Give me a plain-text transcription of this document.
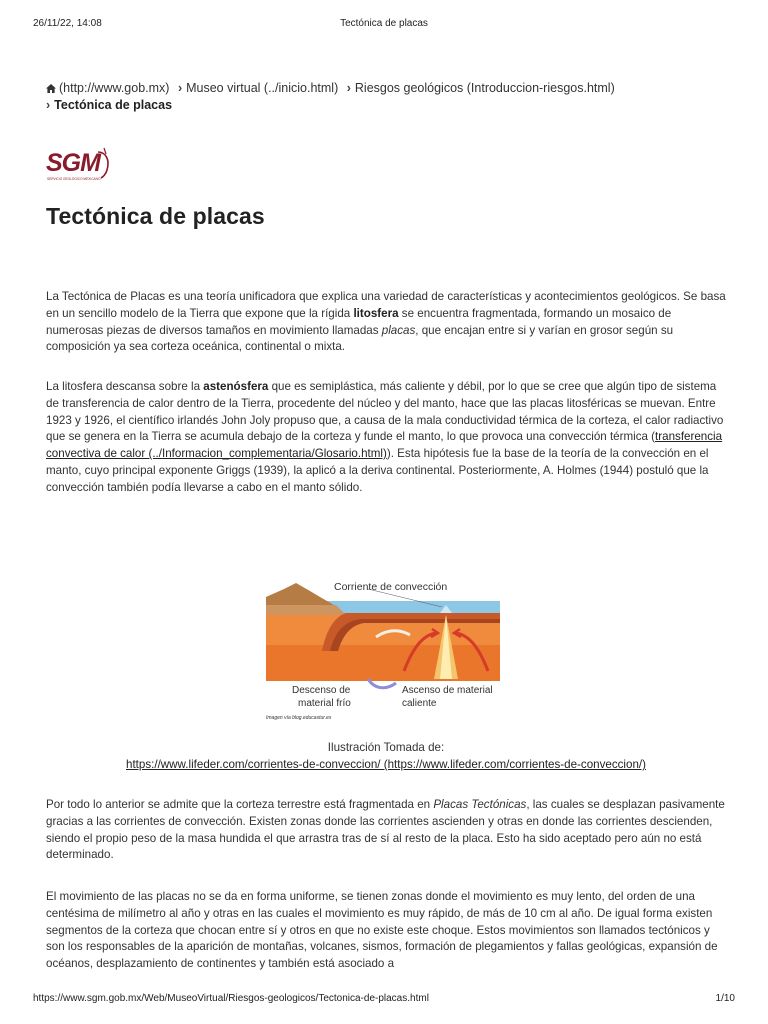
26/11/22, 14:08	Tectónica de placas
(http://www.gob.mx) › Museo virtual (../inicio.html) › Riesgos geológicos (Introduccion-riesgos.html)
› Tectónica de placas
SGM
SERVICIO GEOLÓGICO MEXICANO
Tectónica de placas

La Tectónica de Placas es una teoría unificadora que explica una variedad de características y acontecimientos geológicos. Se basa en un sencillo modelo de la Tierra que expone que la rígida litosfera se encuentra fragmentada, formando un mosaico de numerosas piezas de diversos tamaños en movimiento llamadas placas, que encajan entre si y varían en grosor según su composición ya sea corteza oceánica, continental o mixta.

La litosfera descansa sobre la astenósfera que es semiplástica, más caliente y débil, por lo que se cree que algún tipo de sistema de transferencia de calor dentro de la Tierra, procedente del núcleo y del manto, hace que las placas litosféricas se muevan. Entre 1923 y 1926, el científico irlandés John Joly propuso que, a causa de la mala conductividad térmica de la corteza, el calor radiactivo que se genera en la Tierra se acumula debajo de la corteza y funde el manto, lo que provoca una convección térmica (transferencia convectiva de calor (../Informacion_complementaria/Glosario.html)). Esta hipótesis fue la base de la teoría de la convección en el manto, cuyo principal exponente Griggs (1939), la aplicó a la deriva continental. Posteriormente, A. Holmes (1944) postuló que la convección también podía llevarse a cabo en el manto sólido.

Corriente de convección
Descenso de
material frío
Ascenso de material
caliente
Imagen vía blog.educastur.es
Ilustración Tomada de:
https://www.lifeder.com/corrientes-de-conveccion/ (https://www.lifeder.com/corrientes-de-conveccion/)

Por todo lo anterior se admite que la corteza terrestre está fragmentada en Placas Tectónicas, las cuales se desplazan pasivamente gracias a las corrientes de convección. Existen zonas donde las corrientes ascienden y otras en donde las corrientes descienden, siendo el propio peso de la masa hundida el que arrastra tras de sí al resto de la placa. Esto ha sido aceptado pero aún no está determinado.

El movimiento de las placas no se da en forma uniforme, se tienen zonas donde el movimiento es muy lento, del orden de una centésima de milímetro al año y otras en las cuales el movimiento es muy rápido, de más de 10 cm al año. De igual forma existen segmentos de la corteza que chocan entre sí y otros en que no existe este choque. Estos movimientos son llamados tectónicos y son los responsables de la aparición de montañas, volcanes, sismos, formación de plegamientos y fallas geológicas, expansión de océanos, desplazamiento de continentes y también está asociado a

https://www.sgm.gob.mx/Web/MuseoVirtual/Riesgos-geologicos/Tectonica-de-placas.html	1/10
